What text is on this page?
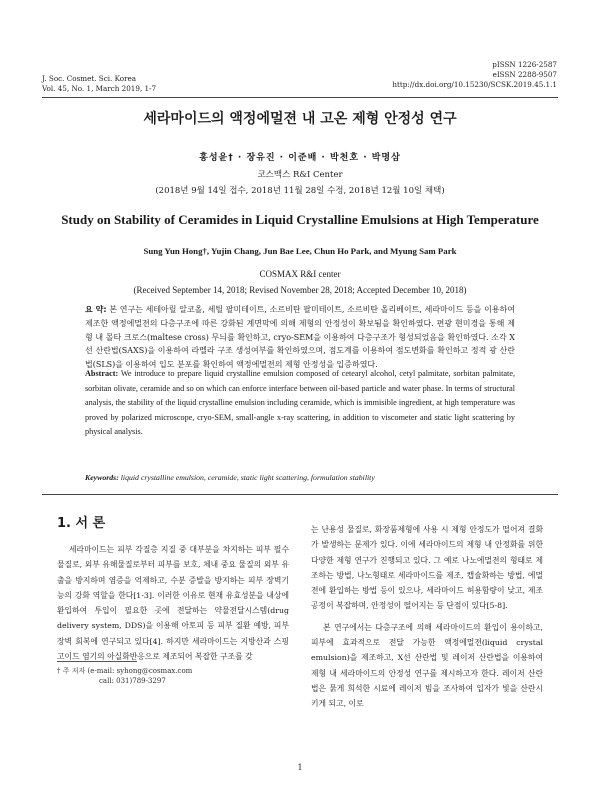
J. Soc. Cosmet. Sci. Korea
Vol. 45, No. 1, March 2019, 1-7
pISSN 1226-2587
eISSN 2288-9507
http://dx.doi.org/10.15230/SCSK.2019.45.1.1
세라마이드의 액정에멀젼 내 고온 제형 안정성 연구
홍성윤† · 장유진 · 이준배 · 박천호 · 박명삼
코스맥스 R&I Center
(2018년 9월 14일 접수, 2018년 11월 28일 수정, 2018년 12월 10일 채택)
Study on Stability of Ceramides in Liquid Crystalline Emulsions at High Temperature
Sung Yun Hong†, Yujin Chang, Jun Bae Lee, Chun Ho Park, and Myung Sam Park
COSMAX R&I center
(Received September 14, 2018; Revised November 28, 2018; Accepted December 10, 2018)
요 약: 본 연구는 세테아릴 알코올, 세틸 팔미테이트, 소르비탄 팔미테이트, 소르비탄 올리베이트, 세라마이드 등을 이용하여 제조한 액정에멀젼의 다층구조에 따른 강화된 계면막에 의해 제형의 안정성이 확보됨을 확인하였다. 편광 현미경을 통해 제형 내 몰타 크로스(maltese cross) 무늬를 확인하고, cryo-SEM을 이용하여 다층구조가 형성되었음을 확인하였다. 소각 X선 산란법(SAXS)을 이용하여 라멜라 구조 생성여부를 확인하였으며, 점도계를 이용하여 점도변화를 확인하고 정적 광 산란법(SLS)을 이용하여 입도 분포를 확인하여 액정에멀젼의 제형 안정성을 입증하였다.
Abstract: We introduce to prepare liquid crystalline emulsion composed of cetearyl alcohol, cetyl palmitate, sorbitan palmitate, sorbitan olivate, ceramide and so on which can enforce interface between oil-based particle and water phase. In terms of structural analysis, the stability of the liquid crystalline emulsion including ceramide, which is immisible ingredient, at high temperature was proved by polarized microscope, cryo-SEM, small-angle x-ray scattering, in addition to viscometer and static light scattering by physical analysis.
Keywords: liquid crystalline emulsion, ceramide, static light scattering, formulation stability
1. 서 론

세라마이드는 피부 각질층 지질 중 대부분을 차지하는 피부 필수 물질로, 외부 유해물질로부터 피부를 보호, 체내 중요 물질의 외부 유출을 방지하며 염증을 억제하고, 수분 증발을 방지하는 피부 장벽기능의 강화 역할을 한다[1-3]. 이러한 이유로 현재 유효성분을 내상에 환입하여 투입이 필요한 곳에 전달하는 약물전달시스템(drug delivery system, DDS)을 이용해 아토피 등 피부 질환 예방, 피부장벽 회복에 연구되고 있다[4]. 하지만 세라마이드는 지방산과 스핑고이드 염기의 아실화반응으로 제조되어 복잡한 구조를 갖

는 난용성 물질로, 화장품제형에 사용 시 제형 안정도가 떨어져 결화가 발생하는 문제가 있다. 이에 세라마이드의 제형 내 안정화를 위한 다양한 제형 연구가 진행되고 있다. 그 예로 나노에멀젼의 형태로 제조하는 방법, 나노형태로 세라마이드를 제조, 캡슐화하는 방법, 에멀젼에 환입하는 방법 등이 있으나, 세라마이드 허용함량이 낮고, 제조 공정이 복잡하며, 안정성이 떨어지는 등 단점이 있다[5-8].

본 연구에서는 다층구조에 의해 세라마이드의 환입이 용이하고, 피부에 효과적으로 전달 가능한 액정에멀젼(liquid crystal emulsion)을 제조하고, X선 산란법 및 레이저 산란법을 이용하여 제형 내 세라마이드의 안정성 연구를 제시하고자 한다. 레이저 산란법은 묽게 희석한 시료에 레이저 빔을 조사하여 입자가 빛을 산란시키게 되고, 이로

† 주 저자 (e-mail: syhong@cosmax.com
call: 031)789-3297
1
